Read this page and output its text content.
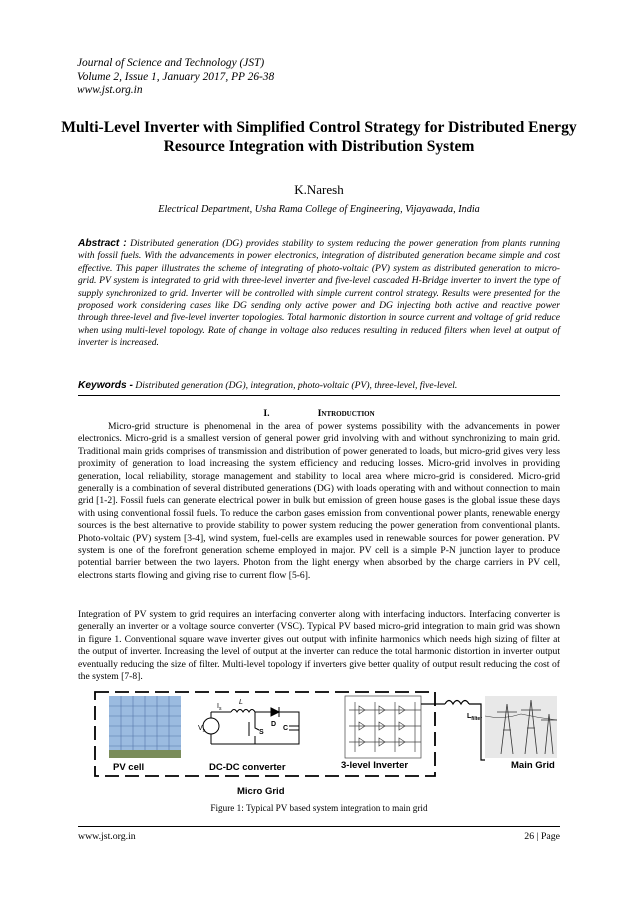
Journal of Science and Technology (JST)
Volume 2, Issue 1, January 2017, PP 26-38
www.jst.org.in
Multi-Level Inverter with Simplified Control Strategy for Distributed Energy Resource Integration with Distribution System
K.Naresh
Electrical Department, Usha Rama College of Engineering, Vijayawada, India
Abstract : Distributed generation (DG) provides stability to system reducing the power generation from plants running with fossil fuels. With the advancements in power electronics, integration of distributed generation became simple and cost effective. This paper illustrates the scheme of integrating of photo-voltaic (PV) system as distributed generation to micro-grid. PV system is integrated to grid with three-level inverter and five-level cascaded H-Bridge inverter to invert the type of supply synchronized to grid. Inverter will be controlled with simple current control strategy. Results were presented for the proposed work considering cases like DG sending only active power and DG injecting both active and reactive power through three-level and five-level inverter topologies. Total harmonic distortion in source current and voltage of grid reduce when using multi-level topology. Rate of change in voltage also reduces resulting in reduced filters when level at output of inverter is increased.
Keywords - Distributed generation (DG), integration, photo-voltaic (PV), three-level, five-level.
I.	Introduction
Micro-grid structure is phenomenal in the area of power systems possibility with the advancements in power electronics. Micro-grid is a smallest version of general power grid involving with and without synchronizing to main grid. Traditional main grids comprises of transmission and distribution of power generated to loads, but micro-grid gives very less proximity of generation to load increasing the system efficiency and reducing losses. Micro-grid involves in providing generation, local reliability, storage management and stability to local area where micro-grid is considered. Micro-grid generally is a combination of several distributed generations (DG) with loads operating with and without connection to main grid [1-2]. Fossil fuels can generate electrical power in bulk but emission of green house gases is the global issue these days with using conventional fossil fuels. To reduce the carbon gases emission from conventional power plants, renewable energy sources is the best alternative to provide stability to power system reducing the power generation from conventional plants. Photo-voltaic (PV) system [3-4], wind system, fuel-cells are examples used in renewable sources for power generation. PV system is one of the forefront generation scheme employed in major. PV cell is a simple P-N junction layer to produce potential barrier between the two layers. Photon from the light energy when absorbed by the charge carriers in PV cell, electrons starts flowing and giving rise to current flow [5-6].
Integration of PV system to grid requires an interfacing converter along with interfacing inductors. Interfacing converter is generally an inverter or a voltage source converter (VSC). Typical PV based micro-grid integration to main grid was shown in figure 1. Conventional square wave inverter gives out output with infinite harmonics which needs high sizing of filter at the output of inverter. Increasing the level of output at the inverter can reduce the total harmonic distortion in inverter output eventually reducing the size of filter. Multi-level topology if inverters give better quality of output result reducing the cost of the system [7-8].
$V_s$
$I_s$
L
D
S
C
$L_{filter}$
PV cell	DC-DC converter	3-level Inverter	Main Grid
Micro Grid
Figure 1: Typical PV based system integration to main grid
www.jst.org.in	26 | Page
